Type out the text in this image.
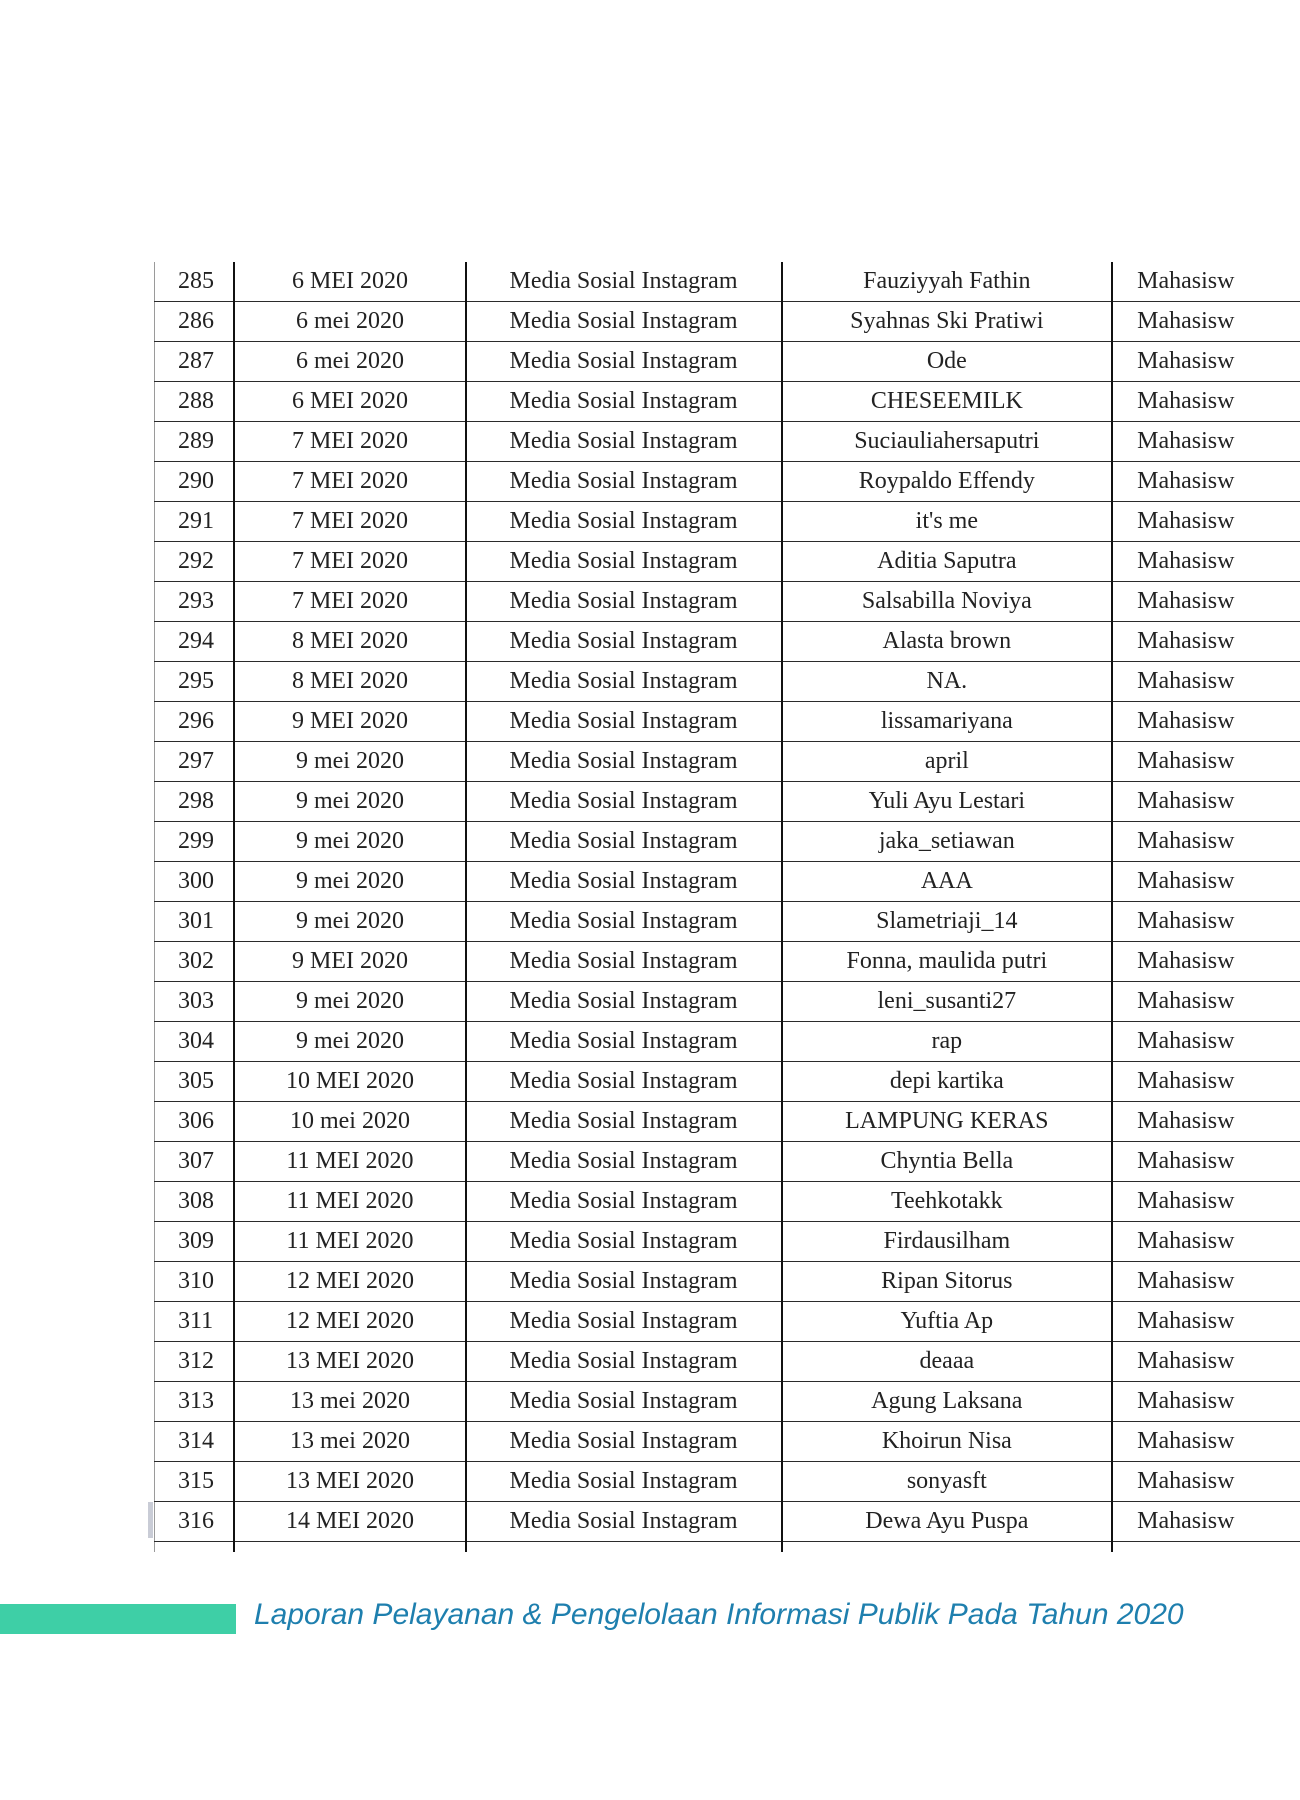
285	6 MEI 2020	Media Sosial Instagram	Fauziyyah Fathin	Mahasisw
286	6 mei 2020	Media Sosial Instagram	Syahnas Ski Pratiwi	Mahasisw
287	6 mei 2020	Media Sosial Instagram	Ode	Mahasisw
288	6 MEI 2020	Media Sosial Instagram	CHESEEMILK	Mahasisw
289	7 MEI 2020	Media Sosial Instagram	Suciauliahersaputri	Mahasisw
290	7 MEI 2020	Media Sosial Instagram	Roypaldo Effendy	Mahasisw
291	7 MEI 2020	Media Sosial Instagram	it's me	Mahasisw
292	7 MEI 2020	Media Sosial Instagram	Aditia Saputra	Mahasisw
293	7 MEI 2020	Media Sosial Instagram	Salsabilla Noviya	Mahasisw
294	8 MEI 2020	Media Sosial Instagram	Alasta brown	Mahasisw
295	8 MEI 2020	Media Sosial Instagram	NA.	Mahasisw
296	9 MEI 2020	Media Sosial Instagram	lissamariyana	Mahasisw
297	9 mei 2020	Media Sosial Instagram	april	Mahasisw
298	9 mei 2020	Media Sosial Instagram	Yuli Ayu Lestari	Mahasisw
299	9 mei 2020	Media Sosial Instagram	jaka_setiawan	Mahasisw
300	9 mei 2020	Media Sosial Instagram	AAA	Mahasisw
301	9 mei 2020	Media Sosial Instagram	Slametriaji_14	Mahasisw
302	9 MEI 2020	Media Sosial Instagram	Fonna, maulida putri	Mahasisw
303	9 mei 2020	Media Sosial Instagram	leni_susanti27	Mahasisw
304	9 mei 2020	Media Sosial Instagram	rap	Mahasisw
305	10 MEI 2020	Media Sosial Instagram	depi kartika	Mahasisw
306	10 mei 2020	Media Sosial Instagram	LAMPUNG KERAS	Mahasisw
307	11 MEI 2020	Media Sosial Instagram	Chyntia Bella	Mahasisw
308	11 MEI 2020	Media Sosial Instagram	Teehkotakk	Mahasisw
309	11 MEI 2020	Media Sosial Instagram	Firdausilham	Mahasisw
310	12 MEI 2020	Media Sosial Instagram	Ripan Sitorus	Mahasisw
311	12 MEI 2020	Media Sosial Instagram	Yuftia Ap	Mahasisw
312	13 MEI 2020	Media Sosial Instagram	deaaa	Mahasisw
313	13 mei 2020	Media Sosial Instagram	Agung Laksana	Mahasisw
314	13 mei 2020	Media Sosial Instagram	Khoirun Nisa	Mahasisw
315	13 MEI 2020	Media Sosial Instagram	sonyasft	Mahasisw
316	14 MEI 2020	Media Sosial Instagram	Dewa Ayu Puspa	Mahasisw

Laporan Pelayanan & Pengelolaan Informasi Publik Pada Tahun 2020
